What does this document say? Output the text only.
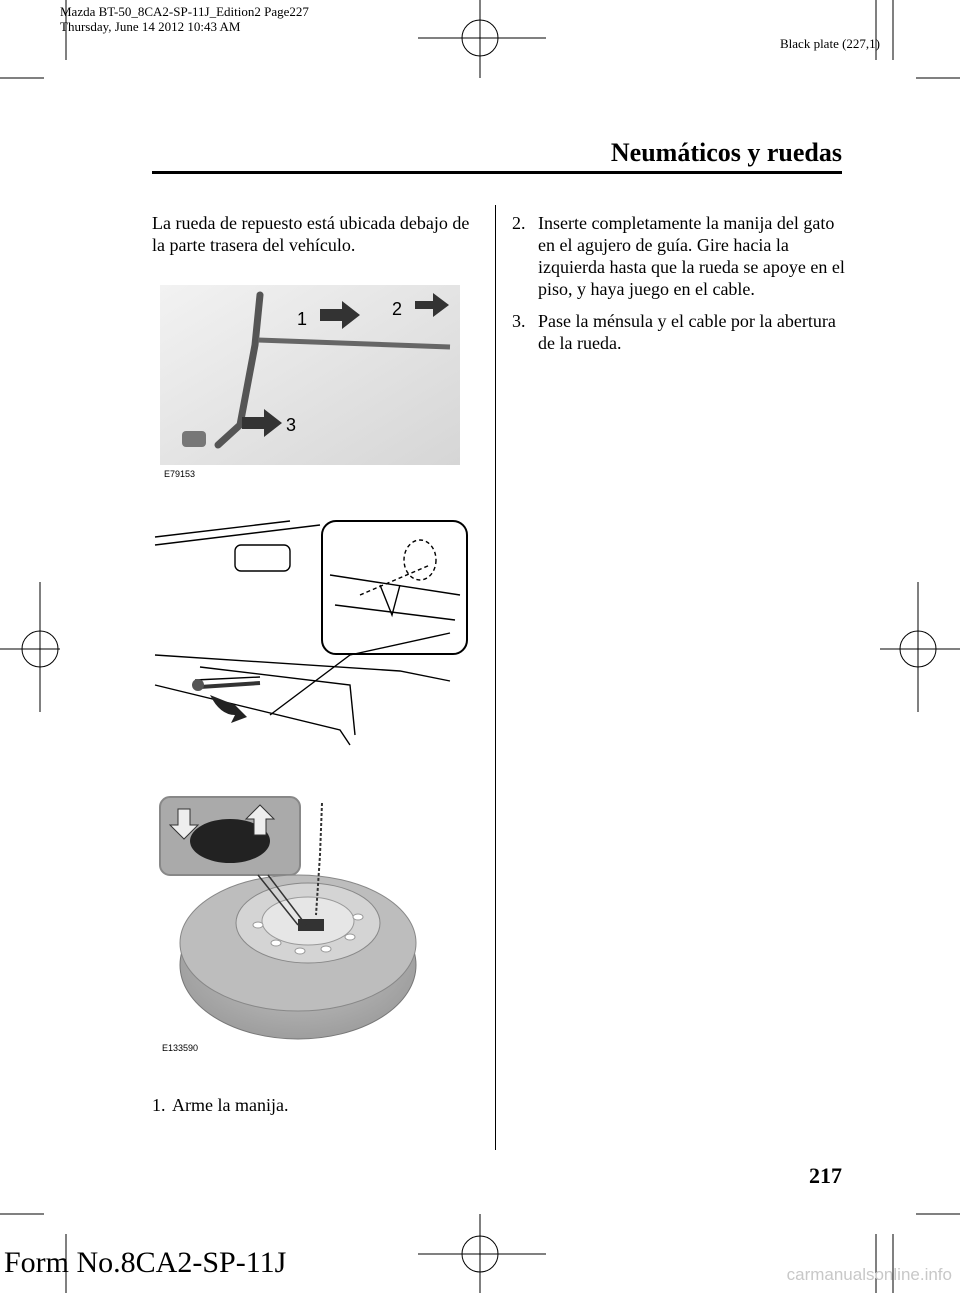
Mazda BT-50_8CA2-SP-11J_Edition2 Page227
Thursday, June 14 2012 10:43 AM
Black plate (227,1)
Neumáticos y ruedas
La rueda de repuesto está ubicada debajo de la parte trasera del vehículo.
1	2
3
E79153
E133590
1. Arme la manija.
2. Inserte completamente la manija del gato en el agujero de guía. Gire hacia la izquierda hasta que la rueda se apoye en el piso, y haya juego en el cable.
3. Pase la ménsula y el cable por la abertura de la rueda.
217
Form No.8CA2-SP-11J	carmanualsonline.info
